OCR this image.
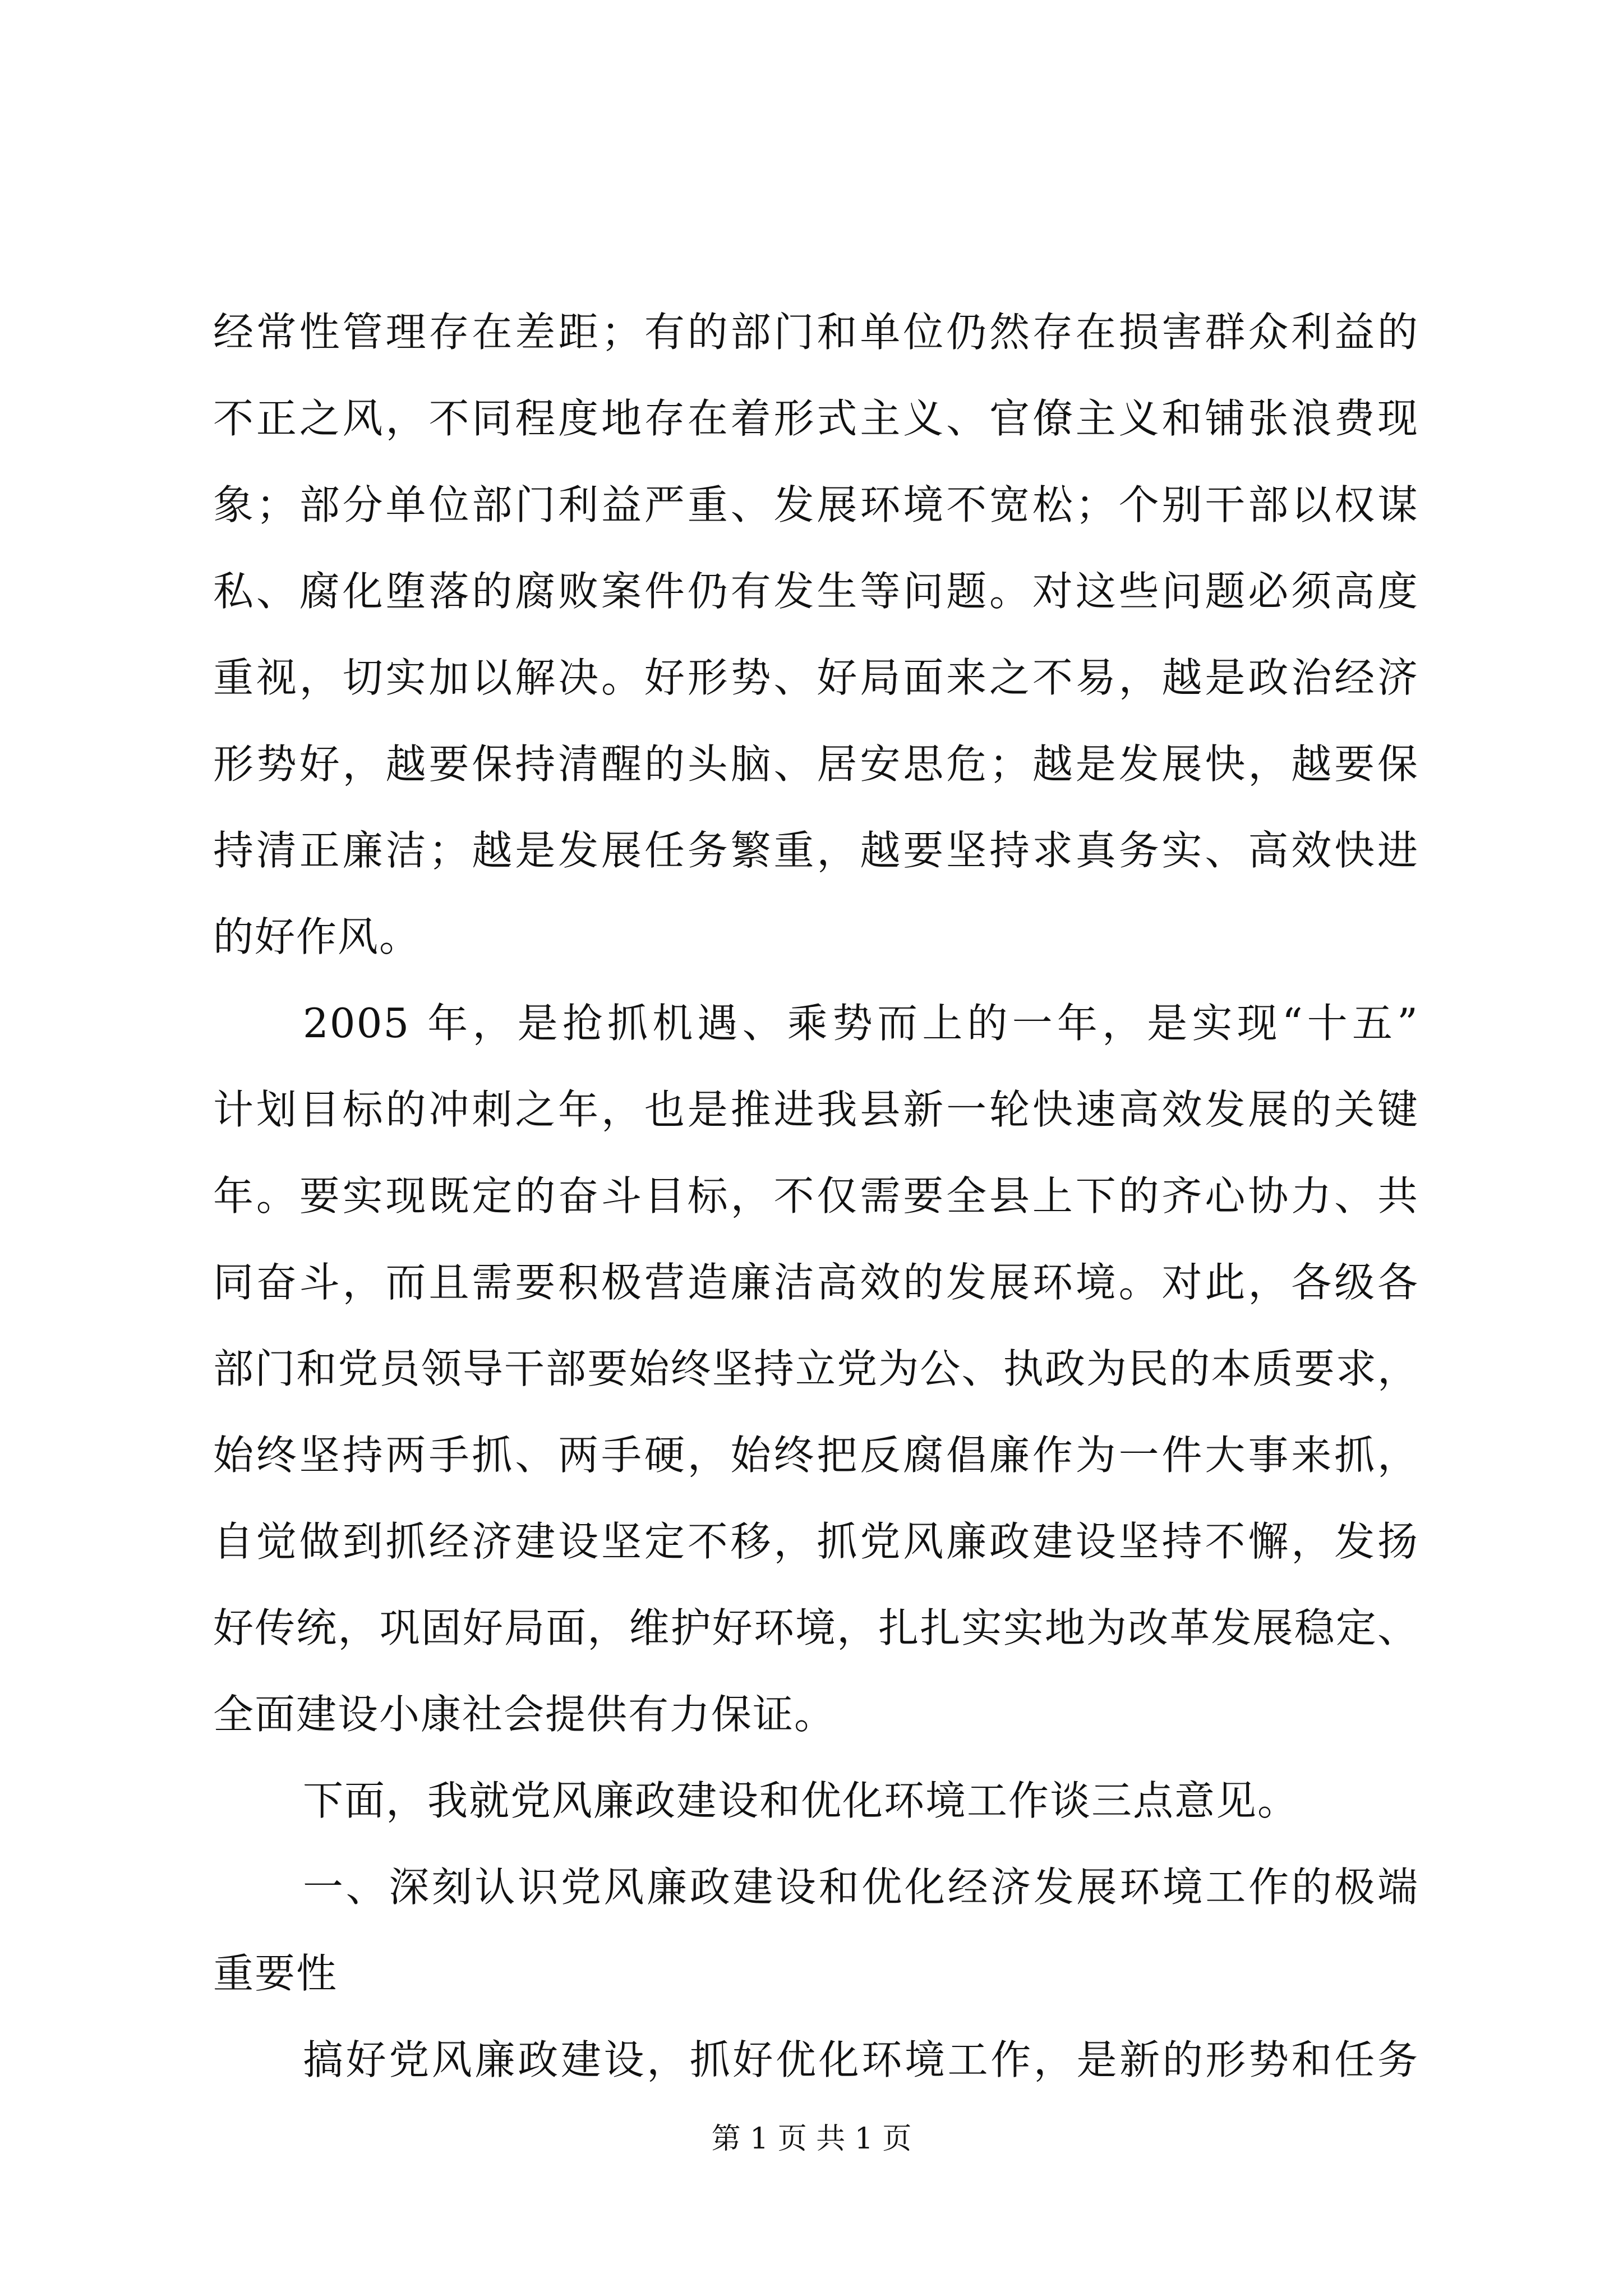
经常性管理存在差距；有的部门和单位仍然存在损害群众利益的
不正之风，不同程度地存在着形式主义、官僚主义和铺张浪费现
象；部分单位部门利益严重、发展环境不宽松；个别干部以权谋
私、腐化堕落的腐败案件仍有发生等问题。对这些问题必须高度
重视，切实加以解决。好形势、好局面来之不易，越是政治经济
形势好，越要保持清醒的头脑、居安思危；越是发展快，越要保
持清正廉洁；越是发展任务繁重，越要坚持求真务实、高效快进
的好作风。
2005 年，是抢抓机遇、乘势而上的一年，是实现“十五”
计划目标的冲刺之年，也是推进我县新一轮快速高效发展的关键
年。要实现既定的奋斗目标，不仅需要全县上下的齐心协力、共
同奋斗，而且需要积极营造廉洁高效的发展环境。对此，各级各
部门和党员领导干部要始终坚持立党为公、执政为民的本质要求，
始终坚持两手抓、两手硬，始终把反腐倡廉作为一件大事来抓，
自觉做到抓经济建设坚定不移，抓党风廉政建设坚持不懈，发扬
好传统，巩固好局面，维护好环境，扎扎实实地为改革发展稳定、
全面建设小康社会提供有力保证。
下面，我就党风廉政建设和优化环境工作谈三点意见。
一、深刻认识党风廉政建设和优化经济发展环境工作的极端
重要性
搞好党风廉政建设，抓好优化环境工作，是新的形势和任务
第 1 页 共 1 页
